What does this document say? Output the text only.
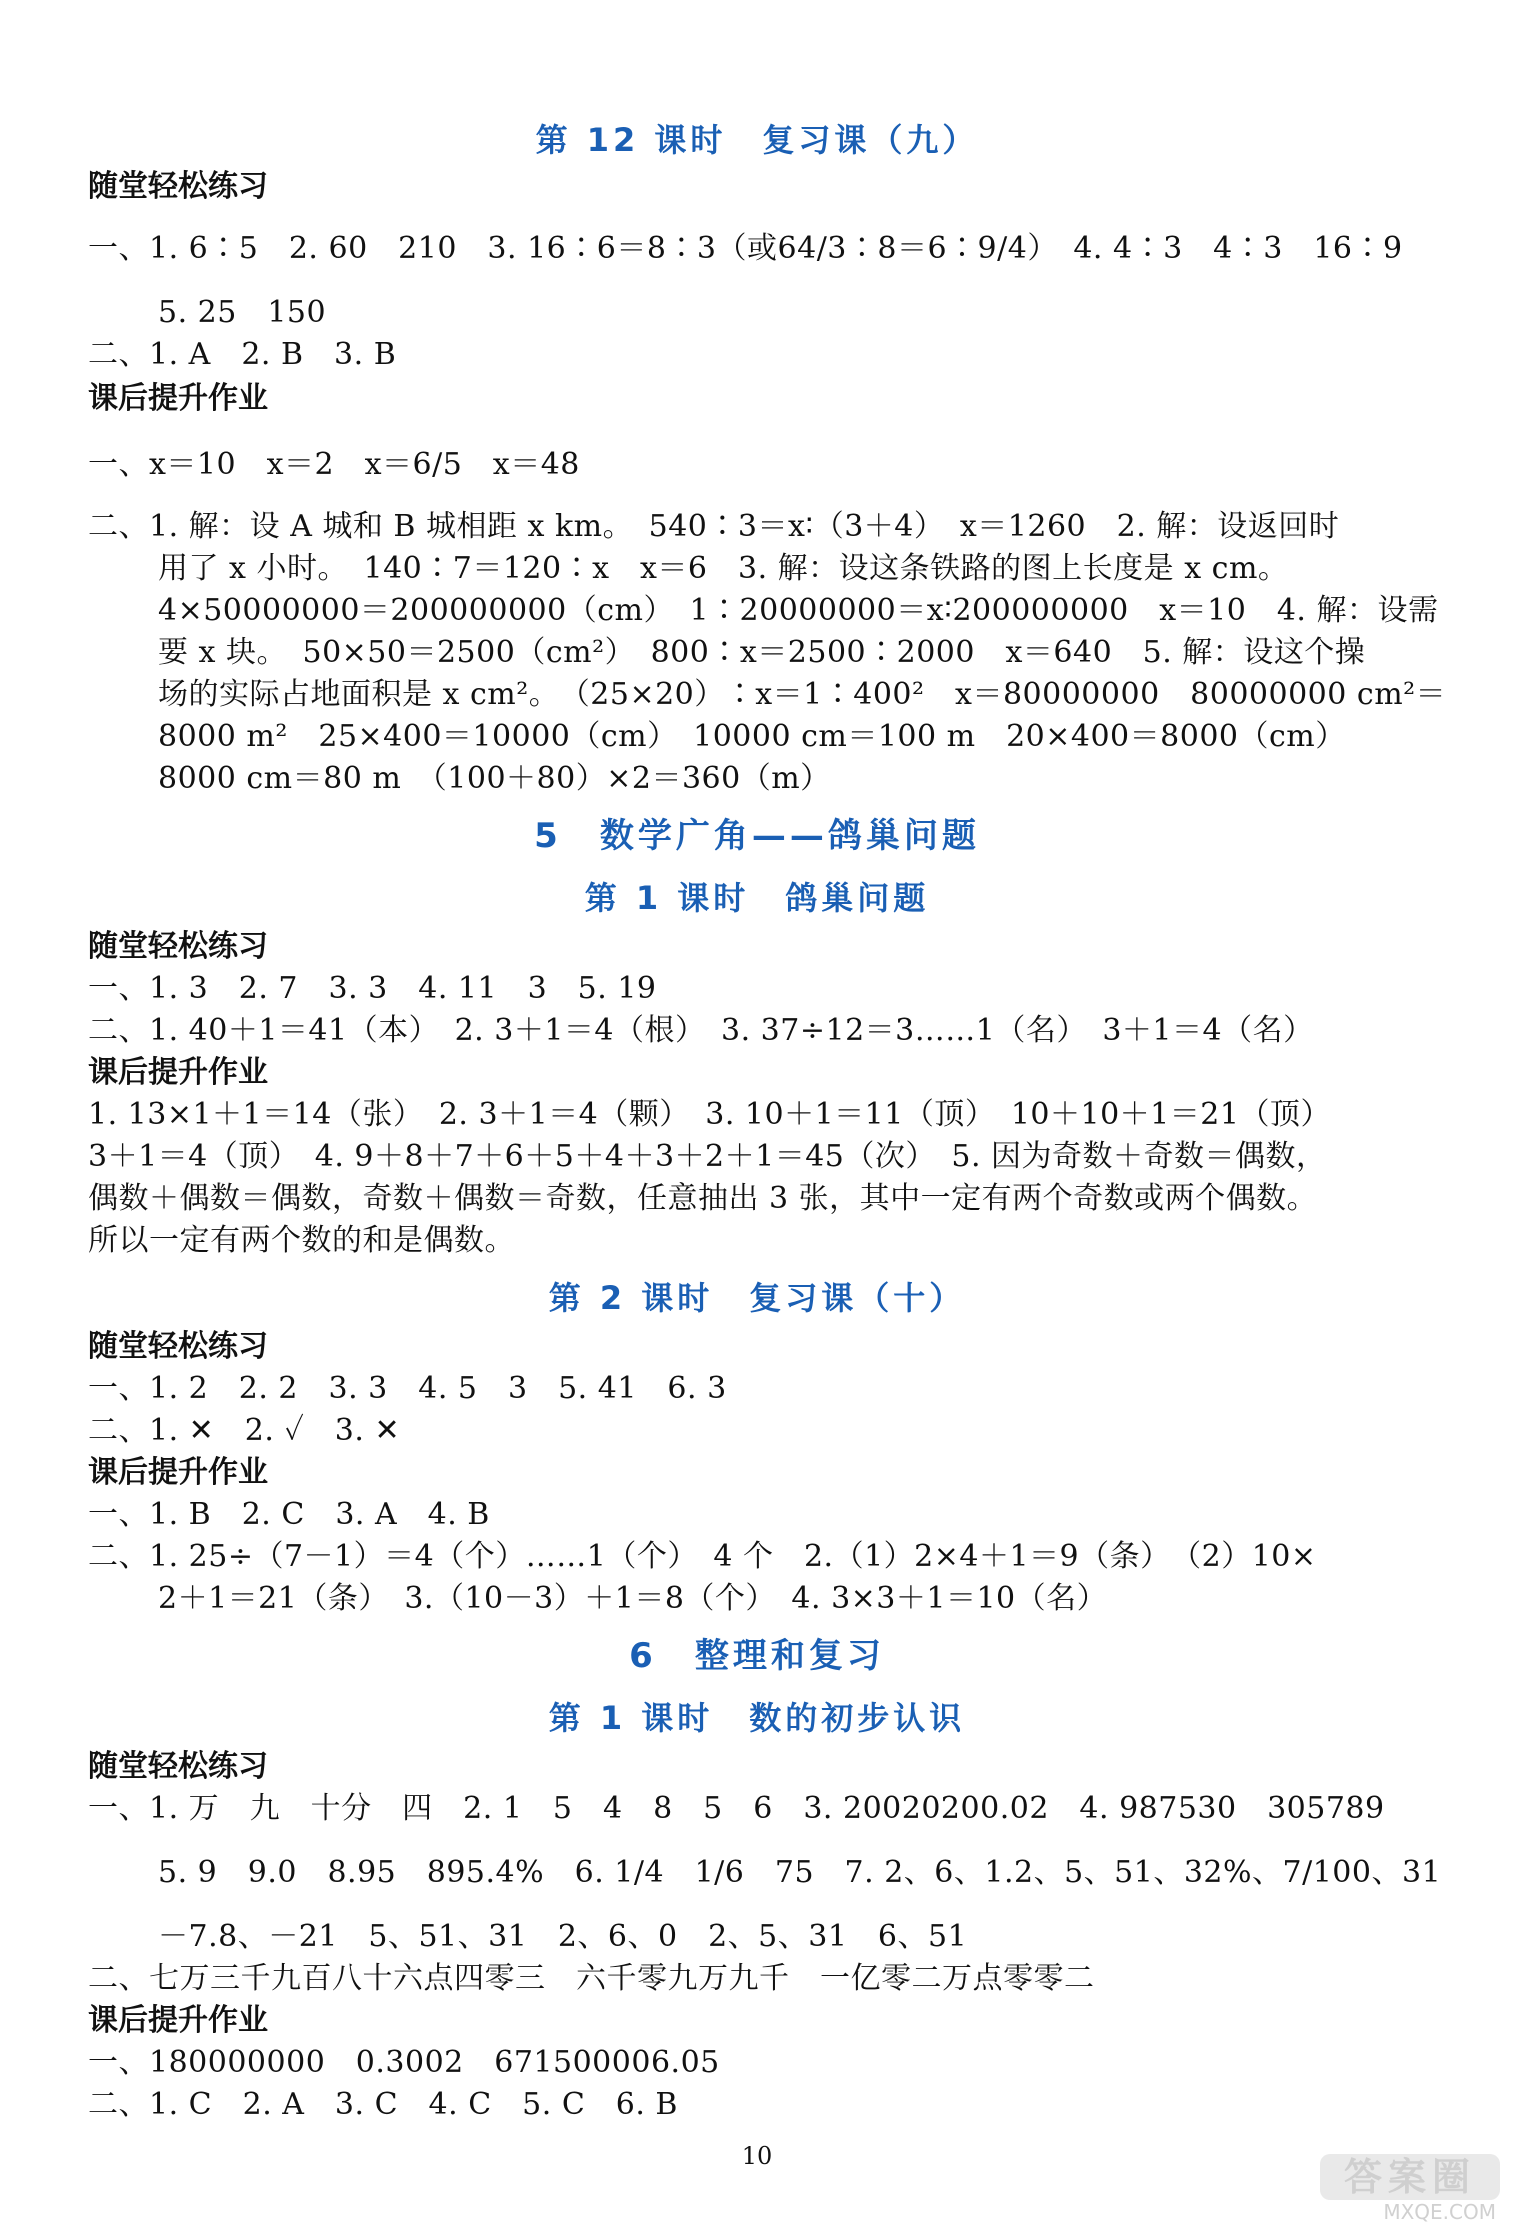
第 12 课时　复习课（九）
随堂轻松练习
一、1. 6∶5　2. 60　210　3. 16∶6＝8∶3（或64/3∶8＝6∶9/4）　4. 4∶3　4∶3　16∶9
5. 25　150
二、1. A　2. B　3. B
课后提升作业
一、x＝10　x＝2　x＝6/5　x＝48
二、1. 解：设 A 城和 B 城相距 x km。　540∶3＝x∶（3＋4）　x＝1260　2. 解：设返回时
用了 x 小时。　140∶7＝120∶x　x＝6　3. 解：设这条铁路的图上长度是 x cm。
4×50000000＝200000000（cm）　1∶20000000＝x∶200000000　x＝10　4. 解：设需
要 x 块。　50×50＝2500（cm²）　800∶x＝2500∶2000　x＝640　5. 解：设这个操
场的实际占地面积是 x cm²。　（25×20）∶x＝1∶400²　x＝80000000　80000000 cm²＝
8000 m²　25×400＝10000（cm）　10000 cm＝100 m　20×400＝8000（cm）
8000 cm＝80 m　（100＋80）×2＝360（m）
5　数学广角——鸽巢问题
第 1 课时　鸽巢问题
随堂轻松练习
一、1. 3　2. 7　3. 3　4. 11　3　5. 19
二、1. 40＋1＝41（本）　2. 3＋1＝4（根）　3. 37÷12＝3……1（名）　3＋1＝4（名）
课后提升作业
1. 13×1＋1＝14（张）　2. 3＋1＝4（颗）　3. 10＋1＝11（顶）　10＋10＋1＝21（顶）
3＋1＝4（顶）　4. 9＋8＋7＋6＋5＋4＋3＋2＋1＝45（次）　5. 因为奇数＋奇数＝偶数，
偶数＋偶数＝偶数，奇数＋偶数＝奇数，任意抽出 3 张，其中一定有两个奇数或两个偶数。
所以一定有两个数的和是偶数。
第 2 课时　复习课（十）
随堂轻松练习
一、1. 2　2. 2　3. 3　4. 5　3　5. 41　6. 3
二、1. ✕　2. ✓　3. ✕
课后提升作业
一、1. B　2. C　3. A　4. B
二、1. 25÷（7－1）＝4（个）……1（个）　4 个　2.（1）2×4＋1＝9（条）　（2）10×
2＋1＝21（条）　3.（10－3）＋1＝8（个）　4. 3×3＋1＝10（名）
6　整理和复习
第 1 课时　数的初步认识
随堂轻松练习
一、1. 万　九　十分　四　2. 1　5　4　8　5　6　3. 20020200.02　4. 987530　305789
5. 9　9.0　8.95　895.4%　6. 1/4　1/6　75　7. 2、6、1.2、5、51、32%、7/100、31
－7.8、－21　5、51、31　2、6、0　2、5、31　6、51
二、七万三千九百八十六点四零三　六千零九万九千　一亿零二万点零零二
课后提升作业
一、180000000　0.3002　671500006.05
二、1. C　2. A　3. C　4. C　5. C　6. B
10	答案圈
MXQE.COM
